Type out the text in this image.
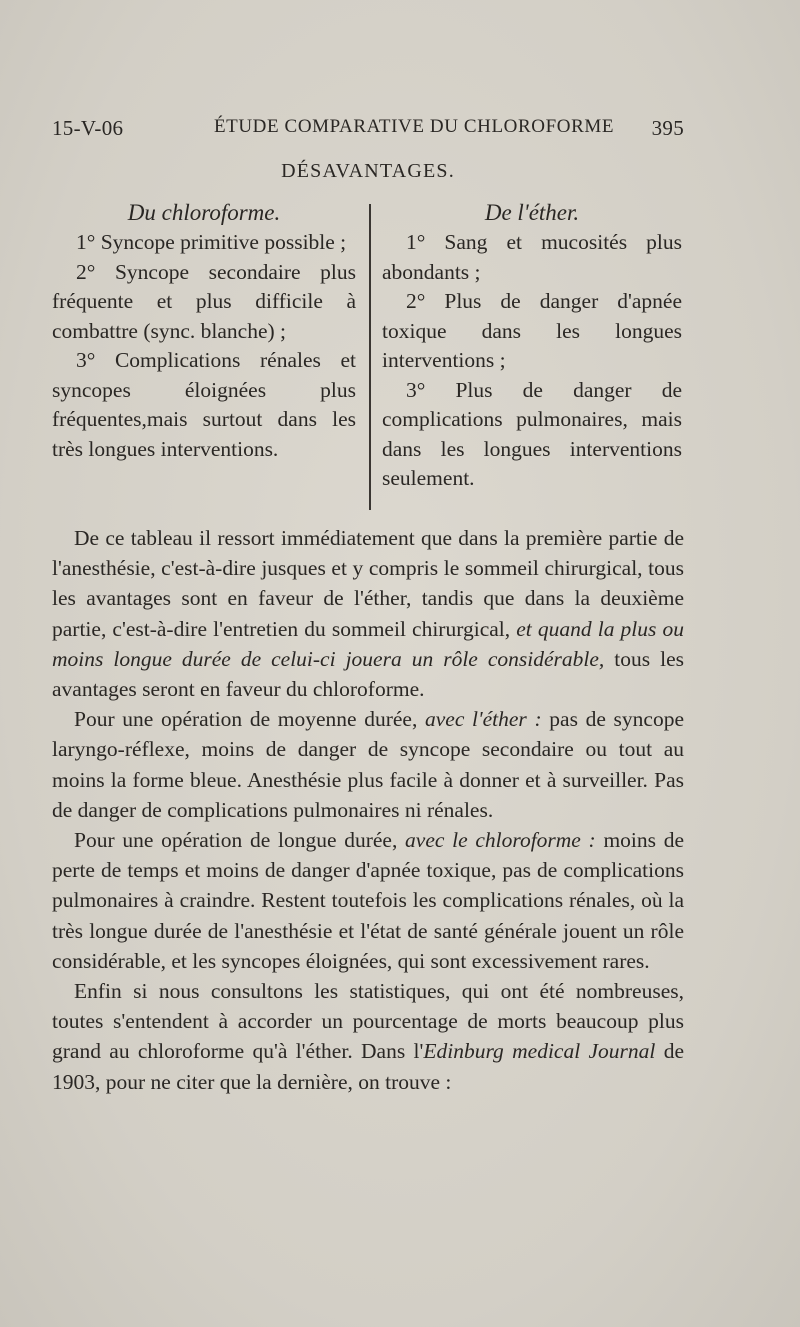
15-V-06	ÉTUDE COMPARATIVE DU CHLOROFORME	395
DÉSAVANTAGES.
Du chloroforme.

1° Syncope primitive possible ;

2° Syncope secondaire plus fréquente et plus difficile à combattre (sync. blanche) ;

3° Complications rénales et syncopes éloignées plus fréquentes,mais surtout dans les très longues interventions.

De l'éther.

1° Sang et mucosités plus abondants ;

2° Plus de danger d'apnée toxique dans les longues interventions ;

3° Plus de danger de complications pulmonaires, mais dans les longues interventions seulement.

De ce tableau il ressort immédiatement que dans la première partie de l'anesthésie, c'est-à-dire jusques et y compris le sommeil chirurgical, tous les avantages sont en faveur de l'éther, tandis que dans la deuxième partie, c'est-à-dire l'entretien du sommeil chirurgical, et quand la plus ou moins longue durée de celui-ci jouera un rôle considérable, tous les avantages seront en faveur du chloroforme.

Pour une opération de moyenne durée, avec l'éther : pas de syncope laryngo-réflexe, moins de danger de syncope secondaire ou tout au moins la forme bleue. Anesthésie plus facile à donner et à surveiller. Pas de danger de complications pulmonaires ni rénales.

Pour une opération de longue durée, avec le chloroforme : moins de perte de temps et moins de danger d'apnée toxique, pas de complications pulmonaires à craindre. Restent toutefois les complications rénales, où la très longue durée de l'anesthésie et l'état de santé générale jouent un rôle considérable, et les syncopes éloignées, qui sont excessivement rares.

Enfin si nous consultons les statistiques, qui ont été nombreuses, toutes s'entendent à accorder un pourcentage de morts beaucoup plus grand au chloroforme qu'à l'éther. Dans l'Edinburg medical Journal de 1903, pour ne citer que la dernière, on trouve :
